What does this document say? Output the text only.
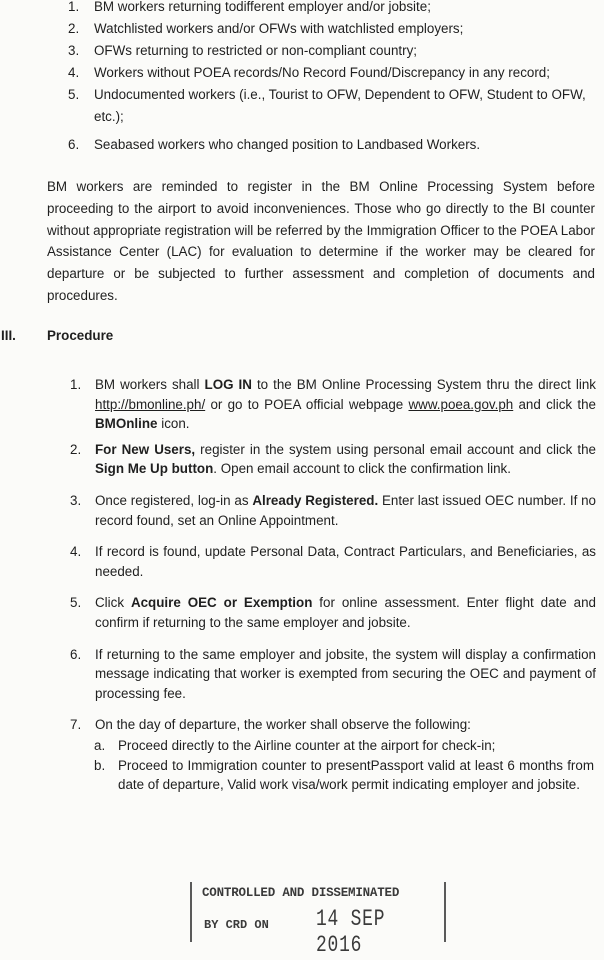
1. BM workers returning todifferent employer and/or jobsite;
2. Watchlisted workers and/or OFWs with watchlisted employers;
3. OFWs returning to restricted or non-compliant country;
4. Workers without POEA records/No Record Found/Discrepancy in any record;
5. Undocumented workers (i.e., Tourist to OFW, Dependent to OFW, Student to OFW, etc.);
6. Seabased workers who changed position to Landbased Workers.

BM workers are reminded to register in the BM Online Processing System before proceeding to the airport to avoid inconveniences. Those who go directly to the BI counter without appropriate registration will be referred by the Immigration Officer to the POEA Labor Assistance Center (LAC) for evaluation to determine if the worker may be cleared for departure or be subjected to further assessment and completion of documents and procedures.

III. Procedure
1. BM workers shall LOG IN to the BM Online Processing System thru the direct link http://bmonline.ph/ or go to POEA official webpage www.poea.gov.ph and click the BMOnline icon.
2. For New Users, register in the system using personal email account and click the Sign Me Up button. Open email account to click the confirmation link.
3. Once registered, log-in as Already Registered. Enter last issued OEC number. If no record found, set an Online Appointment.
4. If record is found, update Personal Data, Contract Particulars, and Beneficiaries, as needed.
5. Click Acquire OEC or Exemption for online assessment. Enter flight date and confirm if returning to the same employer and jobsite.
6. If returning to the same employer and jobsite, the system will display a confirmation message indicating that worker is exempted from securing the OEC and payment of processing fee.
7. On the day of departure, the worker shall observe the following:
a. Proceed directly to the Airline counter at the airport for check-in;
b. Proceed to Immigration counter to presentPassport valid at least 6 months from date of departure, Valid work visa/work permit indicating employer and jobsite.
CONTROLLED AND DISSEMINATED
BY CRD ON 14 SEP 2016
